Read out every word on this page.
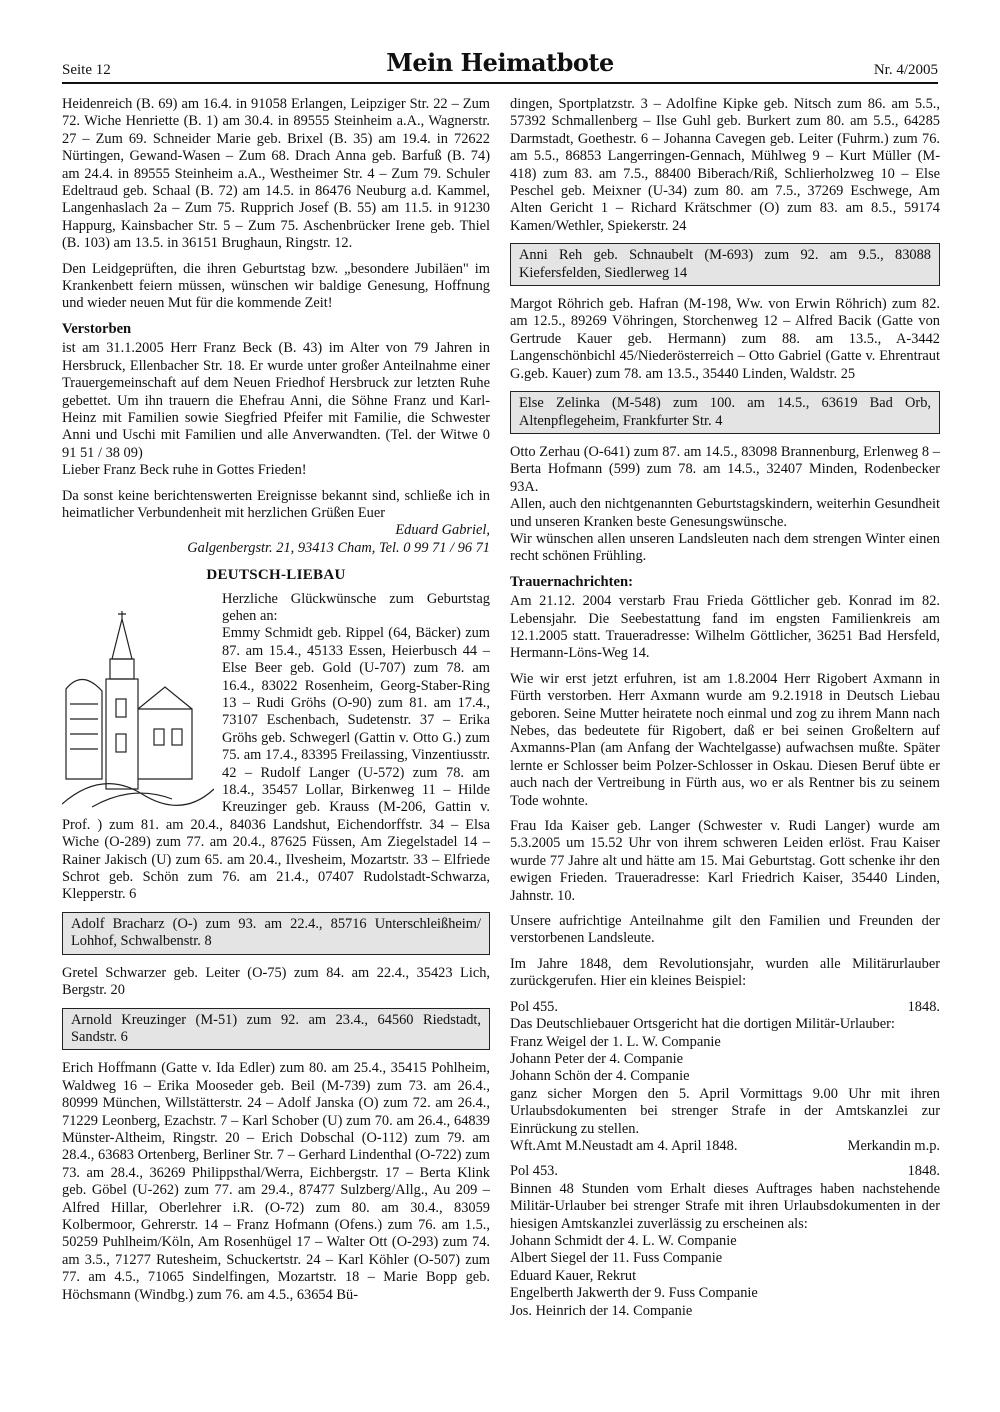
Seite 12	Mein Heimatbote	Nr. 4/2005

Heidenreich (B. 69) am 16.4. in 91058 Erlangen, Leipziger Str. 22 – Zum 72. Wiche Henriette (B. 1) am 30.4. in 89555 Steinheim a.A., Wagnerstr. 27 – Zum 69. Schneider Marie geb. Brixel (B. 35) am 19.4. in 72622 Nürtingen, Gewand-Wasen – Zum 68. Drach Anna geb. Barfuß (B. 74) am 24.4. in 89555 Steinheim a.A., Westheimer Str. 4 – Zum 79. Schuler Edeltraud geb. Schaal (B. 72) am 14.5. in 86476 Neuburg a.d. Kammel, Langenhaslach 2a – Zum 75. Rupprich Josef (B. 55) am 11.5. in 91230 Happurg, Kainsbacher Str. 5 – Zum 75. Aschenbrücker Irene geb. Thiel (B. 103) am 13.5. in 36151 Brughaun, Ringstr. 12.

Den Leidgeprüften, die ihren Geburtstag bzw. „besondere Jubiläen" im Krankenbett feiern müssen, wünschen wir baldige Genesung, Hoffnung und wieder neuen Mut für die kommende Zeit!

Verstorben

ist am 31.1.2005 Herr Franz Beck (B. 43) im Alter von 79 Jahren in Hersbruck, Ellenbacher Str. 18. Er wurde unter großer Anteilnahme einer Trauergemeinschaft auf dem Neuen Friedhof Hersbruck zur letzten Ruhe gebettet. Um ihn trauern die Ehefrau Anni, die Söhne Franz und Karl-Heinz mit Familien sowie Siegfried Pfeifer mit Familie, die Schwester Anni und Uschi mit Familien und alle Anverwandten. (Tel. der Witwe 0 91 51 / 38 09)

Lieber Franz Beck ruhe in Gottes Frieden!

Da sonst keine berichtenswerten Ereignisse bekannt sind, schließe ich in heimatlicher Verbundenheit mit herzlichen Grüßen Euer

Eduard Gabriel,
Galgenbergstr. 21, 93413 Cham, Tel. 0 99 71 / 96 71
DEUTSCH-LIEBAU

Herzliche Glückwünsche zum Geburtstag gehen an:

Emmy Schmidt geb. Rippel (64, Bäcker) zum 87. am 15.4., 45133 Essen, Heierbusch 44 – Else Beer geb. Gold (U-707) zum 78. am 16.4., 83022 Rosenheim, Georg-Staber-Ring 13 – Rudi Gröhs (O-90) zum 81. am 17.4., 73107 Eschenbach, Sudetenstr. 37 – Erika Gröhs geb. Schwegerl (Gattin v. Otto G.) zum 75. am 17.4., 83395 Freilassing, Vinzentiusstr. 42 – Rudolf Langer (U-572) zum 78. am 18.4., 35457 Lollar, Birkenweg 11 – Hilde Kreuzinger geb. Krauss (M-206, Gattin v. Prof. ) zum 81. am 20.4., 84036 Landshut, Eichendorffstr. 34 – Elsa Wiche (O-289) zum 77. am 20.4., 87625 Füssen, Am Ziegelstadel 14 – Rainer Jakisch (U) zum 65. am 20.4., Ilvesheim, Mozartstr. 33 – Elfriede Schrot geb. Schön zum 76. am 21.4., 07407 Rudolstadt-Schwarza, Klepperstr. 6

Adolf Bracharz (O-) zum 93. am 22.4., 85716 Unterschleißheim/ Lohhof, Schwalbenstr. 8

Gretel Schwarzer geb. Leiter (O-75) zum 84. am 22.4., 35423 Lich, Bergstr. 20

Arnold Kreuzinger (M-51) zum 92. am 23.4., 64560 Riedstadt, Sandstr. 6

Erich Hoffmann (Gatte v. Ida Edler) zum 80. am 25.4., 35415 Pohlheim, Waldweg 16 – Erika Mooseder geb. Beil (M-739) zum 73. am 26.4., 80999 München, Willstätterstr. 24 – Adolf Janska (O) zum 72. am 26.4., 71229 Leonberg, Ezachstr. 7 – Karl Schober (U) zum 70. am 26.4., 64839 Münster-Altheim, Ringstr. 20 – Erich Dobschal (O-112) zum 79. am 28.4., 63683 Ortenberg, Berliner Str. 7 – Gerhard Lindenthal (O-722) zum 73. am 28.4., 36269 Philippsthal/Werra, Eichbergstr. 17 – Berta Klink geb. Göbel (U-262) zum 77. am 29.4., 87477 Sulzberg/Allg., Au 209 – Alfred Hillar, Oberlehrer i.R. (O-72) zum 80. am 30.4., 83059 Kolbermoor, Gehrerstr. 14 – Franz Hofmann (Ofens.) zum 76. am 1.5., 50259 Puhlheim/Köln, Am Rosenhügel 17 – Walter Ott (O-293) zum 74. am 3.5., 71277 Rutesheim, Schuckertstr. 24 – Karl Köhler (O-507) zum 77. am 4.5., 71065 Sindelfingen, Mozartstr. 18 – Marie Bopp geb. Höchsmann (Windbg.) zum 76. am 4.5., 63654 Bü-

dingen, Sportplatzstr. 3 – Adolfine Kipke geb. Nitsch zum 86. am 5.5., 57392 Schmallenberg – Ilse Guhl geb. Burkert zum 80. am 5.5., 64285 Darmstadt, Goethestr. 6 – Johanna Cavegen geb. Leiter (Fuhrm.) zum 76. am 5.5., 86853 Langerringen-Gennach, Mühlweg 9 – Kurt Müller (M-418) zum 83. am 7.5., 88400 Biberach/Riß, Schlierholzweg 10 – Else Peschel geb. Meixner (U-34) zum 80. am 7.5., 37269 Eschwege, Am Alten Gericht 1 – Richard Krätschmer (O) zum 83. am 8.5., 59174 Kamen/Wethler, Spiekerstr. 24

Anni Reh geb. Schnaubelt (M-693) zum 92. am 9.5., 83088 Kiefersfelden, Siedlerweg 14

Margot Röhrich geb. Hafran (M-198, Ww. von Erwin Röhrich) zum 82. am 12.5., 89269 Vöhringen, Storchenweg 12 – Alfred Bacik (Gatte von Gertrude Kauer geb. Hermann) zum 88. am 13.5., A-3442 Langenschönbichl 45/Niederösterreich – Otto Gabriel (Gatte v. Ehrentraut G.geb. Kauer) zum 78. am 13.5., 35440 Linden, Waldstr. 25

Else Zelinka (M-548) zum 100. am 14.5., 63619 Bad Orb, Altenpflegeheim, Frankfurter Str. 4

Otto Zerhau (O-641) zum 87. am 14.5., 83098 Brannenburg, Erlenweg 8 – Berta Hofmann (599) zum 78. am 14.5., 32407 Minden, Rodenbecker 93A.

Allen, auch den nichtgenannten Geburtstagskindern, weiterhin Gesundheit und unseren Kranken beste Genesungswünsche.

Wir wünschen allen unseren Landsleuten nach dem strengen Winter einen recht schönen Frühling.

Trauernachrichten:

Am 21.12. 2004 verstarb Frau Frieda Göttlicher geb. Konrad im 82. Lebensjahr. Die Seebestattung fand im engsten Familienkreis am 12.1.2005 statt. Traueradresse: Wilhelm Göttlicher, 36251 Bad Hersfeld, Hermann-Löns-Weg 14.

Wie wir erst jetzt erfuhren, ist am 1.8.2004 Herr Rigobert Axmann in Fürth verstorben. Herr Axmann wurde am 9.2.1918 in Deutsch Liebau geboren. Seine Mutter heiratete noch einmal und zog zu ihrem Mann nach Nebes, das bedeutete für Rigobert, daß er bei seinen Großeltern auf Axmanns-Plan (am Anfang der Wachtelgasse) aufwachsen mußte. Später lernte er Schlosser beim Polzer-Schlosser in Oskau. Diesen Beruf übte er auch nach der Vertreibung in Fürth aus, wo er als Rentner bis zu seinem Tode wohnte.

Frau Ida Kaiser geb. Langer (Schwester v. Rudi Langer) wurde am 5.3.2005 um 15.52 Uhr von ihrem schweren Leiden erlöst. Frau Kaiser wurde 77 Jahre alt und hätte am 15. Mai Geburtstag. Gott schenke ihr den ewigen Frieden. Traueradresse: Karl Friedrich Kaiser, 35440 Linden, Jahnstr. 10.

Unsere aufrichtige Anteilnahme gilt den Familien und Freunden der verstorbenen Landsleute.

Im Jahre 1848, dem Revolutionsjahr, wurden alle Militärurlauber zurückgerufen. Hier ein kleines Beispiel:

Pol 455.	1848.
Das Deutschliebauer Ortsgericht hat die dortigen Militär-Urlauber:
Franz Weigel der 1. L. W. Companie
Johann Peter der 4. Companie
Johann Schön der 4. Companie

ganz sicher Morgen den 5. April Vormittags 9.00 Uhr mit ihren Urlaubsdokumenten bei strenger Strafe in der Amtskanzlei zur Einrückung zu stellen.

Wft.Amt M.Neustadt am 4. April 1848.	Merkandin m.p.
Pol 453.	1848.

Binnen 48 Stunden vom Erhalt dieses Auftrages haben nachstehende Militär-Urlauber bei strenger Strafe mit ihren Urlaubsdokumenten in der hiesigen Amtskanzlei zuverlässig zu erscheinen als:

Johann Schmidt der 4. L. W. Companie
Albert Siegel der 11. Fuss Companie
Eduard Kauer, Rekrut
Engelberth Jakwerth der 9. Fuss Companie
Jos. Heinrich der 14. Companie
